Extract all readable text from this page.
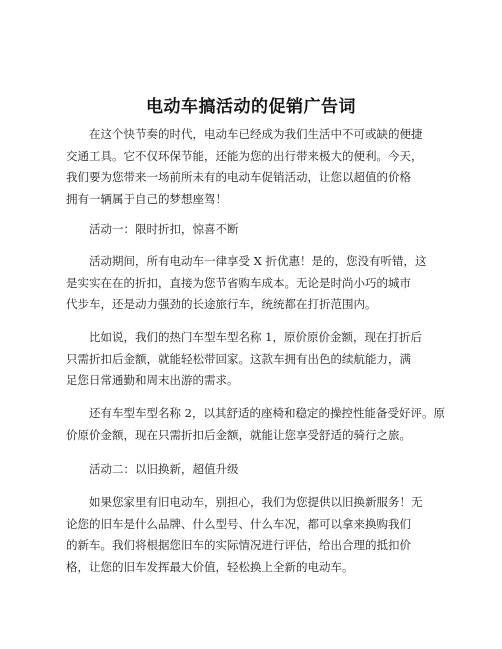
电动车搞活动的促销广告词
在这个快节奏的时代，电动车已经成为我们生活中不可或缺的便捷
交通工具。它不仅环保节能，还能为您的出行带来极大的便利。今天，
我们要为您带来一场前所未有的电动车促销活动，让您以超值的价格
拥有一辆属于自己的梦想座驾！
活动一：限时折扣，惊喜不断
活动期间，所有电动车一律享受 X 折优惠！是的，您没有听错，这
是实实在在的折扣，直接为您节省购车成本。无论是时尚小巧的城市
代步车，还是动力强劲的长途旅行车，统统都在打折范围内。
比如说，我们的热门车型车型名称 1，原价原价金额，现在打折后
只需折扣后金额，就能轻松带回家。这款车拥有出色的续航能力，满
足您日常通勤和周末出游的需求。
还有车型车型名称 2，以其舒适的座椅和稳定的操控性能备受好评。原
价原价金额，现在只需折扣后金额，就能让您享受舒适的骑行之旅。
活动二：以旧换新，超值升级
如果您家里有旧电动车，别担心，我们为您提供以旧换新服务！无
论您的旧车是什么品牌、什么型号、什么车况，都可以拿来换购我们
的新车。我们将根据您旧车的实际情况进行评估，给出合理的抵扣价
格，让您的旧车发挥最大价值，轻松换上全新的电动车。
